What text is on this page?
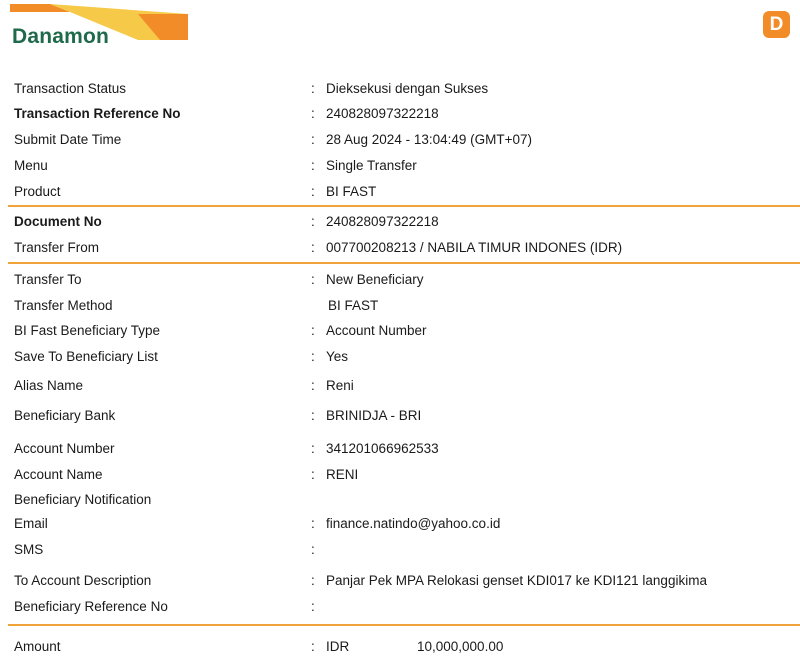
Danamon
D
Transaction Status	: Dieksekusi dengan Sukses
Transaction Reference No	: 240828097322218
Submit Date Time	: 28 Aug 2024 - 13:04:49 (GMT+07)
Menu	: Single Transfer
Product	: BI FAST
Document No	: 240828097322218
Transfer From	: 007700208213 / NABILA TIMUR INDONES (IDR)
Transfer To	: New Beneficiary
Transfer Method	BI FAST
BI Fast Beneficiary Type	: Account Number
Save To Beneficiary List	: Yes
Alias Name	: Reni
Beneficiary Bank	: BRINIDJA - BRI
Account Number	: 341201066962533
Account Name	: RENI
Beneficiary Notification
Email	: finance.natindo@yahoo.co.id
SMS	:
To Account Description	: Panjar Pek MPA Relokasi genset KDI017 ke KDI121 langgikima
Beneficiary Reference No	:
Amount	: IDR	10,000,000.00
